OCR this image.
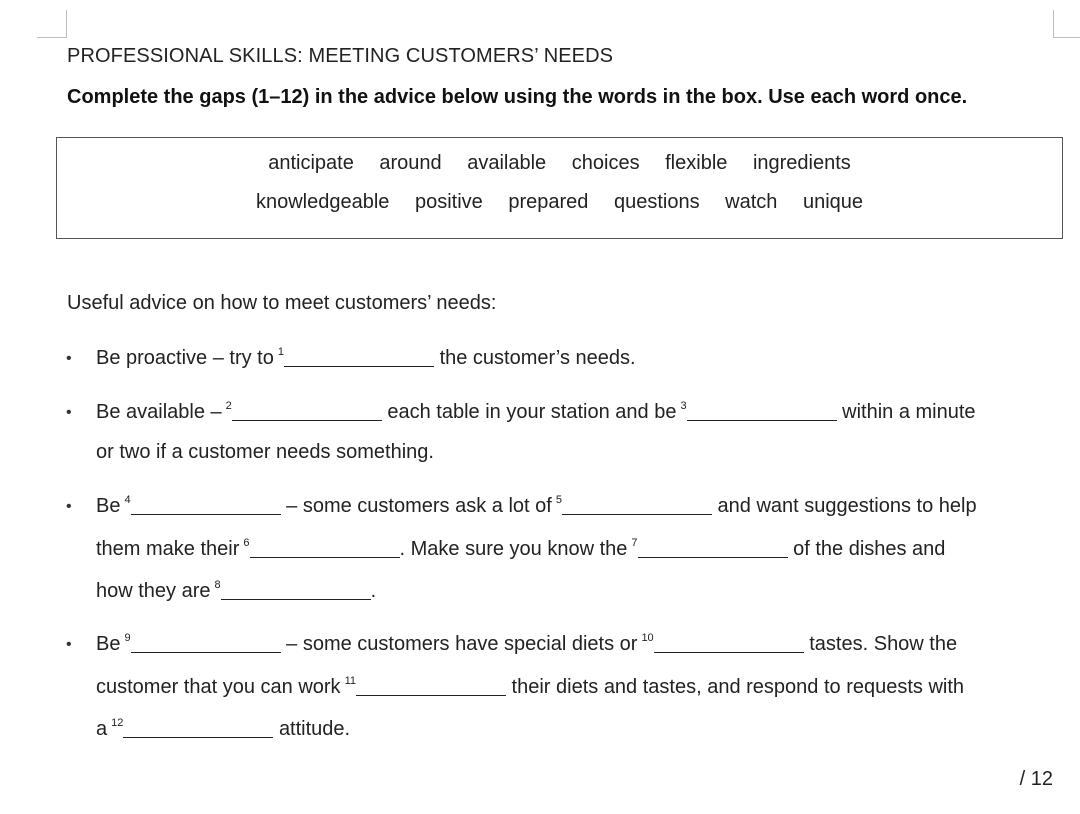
PROFESSIONAL SKILLS: MEETING CUSTOMERS’ NEEDS
Complete the gaps (1–12) in the advice below using the words in the box. Use each word once.
anticipate around available choices flexible ingredients
knowledgeable positive prepared questions watch unique
Useful advice on how to meet customers’ needs:
• Be proactive – try to $^1$	the customer’s needs.
• Be available – $^2$	each table in your station and be $^3$	within a minute
or two if a customer needs something.
• Be $^4$	– some customers ask a lot of $^5$	and want suggestions to help
them make their $^6$	. Make sure you know the $^7$	of the dishes and
how they are $^8$	.
• Be $^9$	– some customers have special diets or $^{10}$	tastes. Show the
customer that you can work $^{11}$	their diets and tastes, and respond to requests with
a $^{12}$	attitude.
/ 12
